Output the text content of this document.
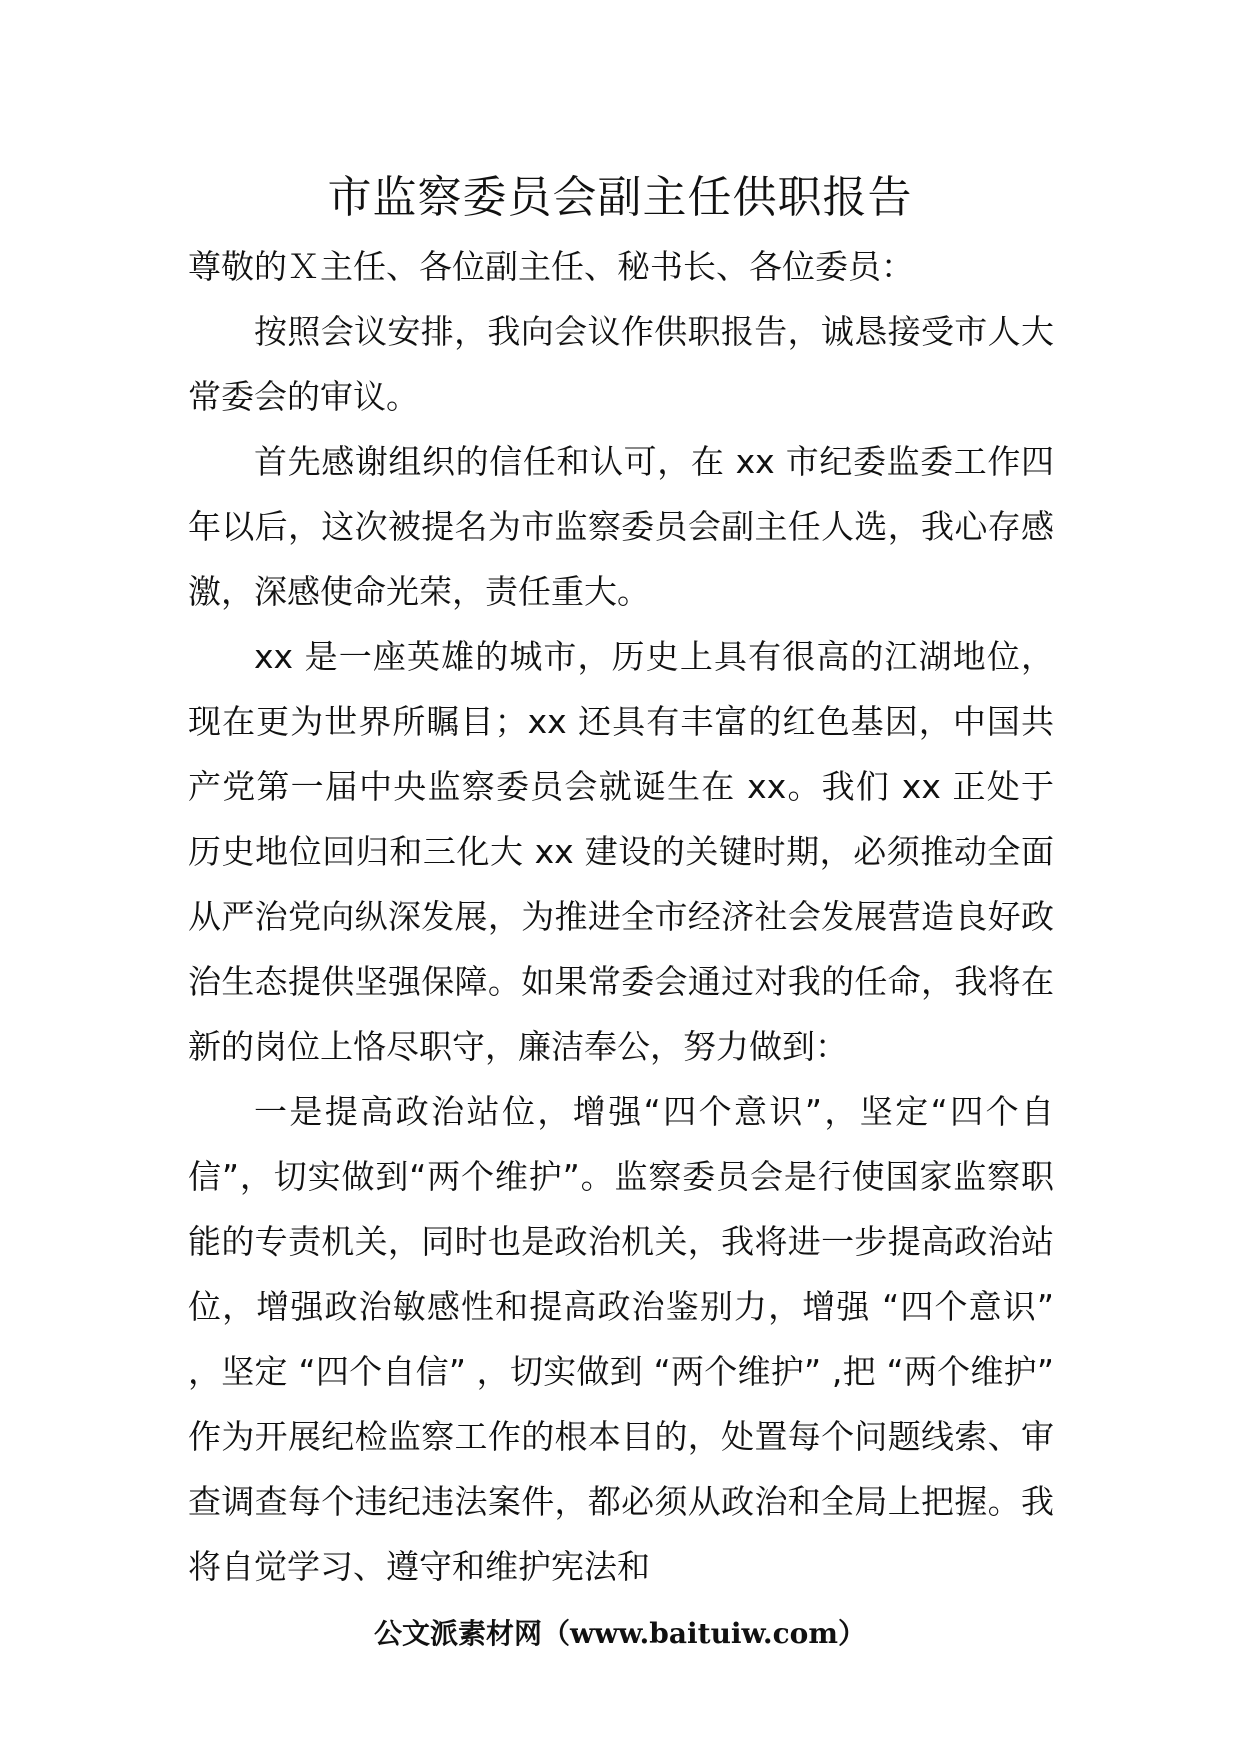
市监察委员会副主任供职报告

尊敬的Ｘ主任、各位副主任、秘书长、各位委员：

按照会议安排，我向会议作供职报告，诚恳接受市人大常委会的审议。

首先感谢组织的信任和认可，在 xx 市纪委监委工作四年以后，这次被提名为市监察委员会副主任人选，我心存感激，深感使命光荣，责任重大。

xx 是一座英雄的城市，历史上具有很高的江湖地位，现在更为世界所瞩目；xx 还具有丰富的红色基因，中国共产党第一届中央监察委员会就诞生在 xx。我们 xx 正处于历史地位回归和三化大 xx 建设的关键时期，必须推动全面从严治党向纵深发展，为推进全市经济社会发展营造良好政治生态提供坚强保障。如果常委会通过对我的任命，我将在新的岗位上恪尽职守，廉洁奉公，努力做到：

一是提高政治站位，增强“四个意识”，坚定“四个自信”，切实做到“两个维护”。监察委员会是行使国家监察职能的专责机关，同时也是政治机关，我将进一步提高政治站位，增强政治敏感性和提高政治鉴别力，增强 “四个意识” ，坚定 “四个自信” ，切实做到 “两个维护” ,把 “两个维护” 作为开展纪检监察工作的根本目的，处置每个问题线索、审查调查每个违纪违法案件，都必须从政治和全局上把握。我将自觉学习、遵守和维护宪法和

公文派素材网（www.baituiw.com）
